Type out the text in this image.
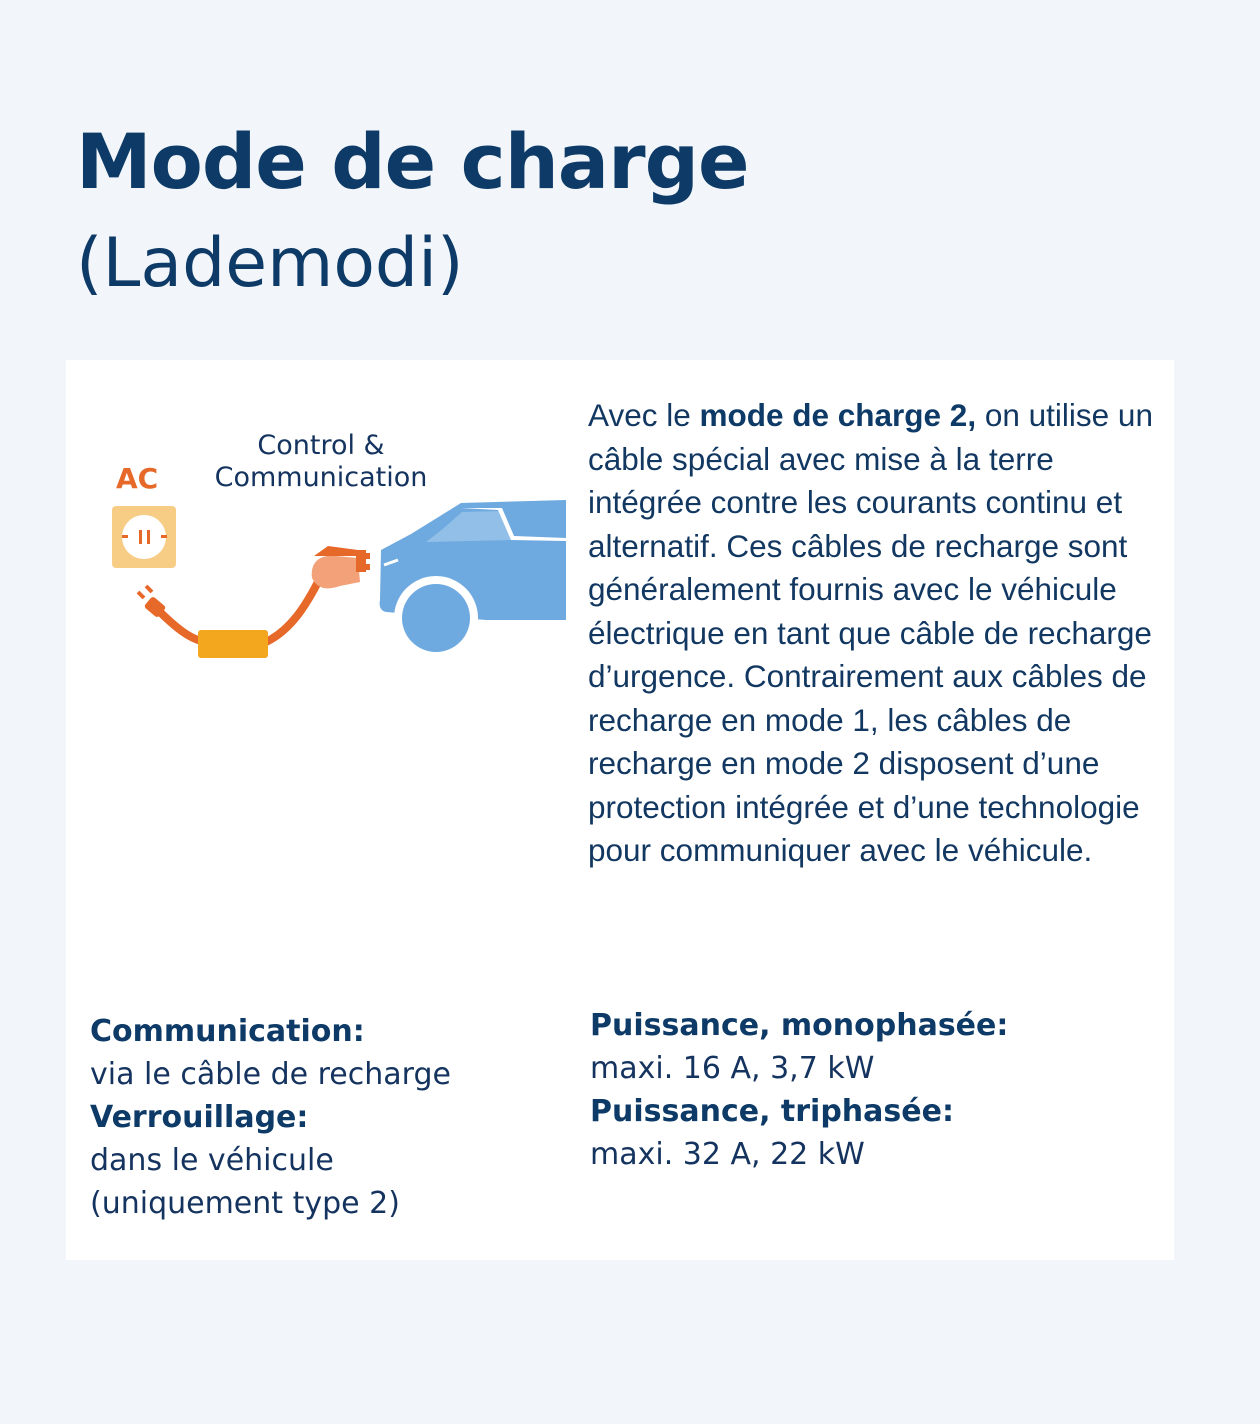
Mode de charge
(Lademodi)
Control &
Communication
AC

Avec le mode de charge 2, on utilise un câble spécial avec mise à la terre intégrée contre les courants continu et alternatif. Ces câbles de recharge sont généralement fournis avec le véhicule électrique en tant que câble de recharge d’urgence. Contrairement aux câbles de recharge en mode 1, les câbles de recharge en mode 2 disposent d’une protection intégrée et d’une technologie pour communiquer avec le véhicule.

Communication:
via le câble de recharge
Verrouillage:
dans le véhicule
(uniquement type 2)
Puissance, monophasée:
maxi. 16 A, 3,7 kW
Puissance, triphasée:
maxi. 32 A, 22 kW
